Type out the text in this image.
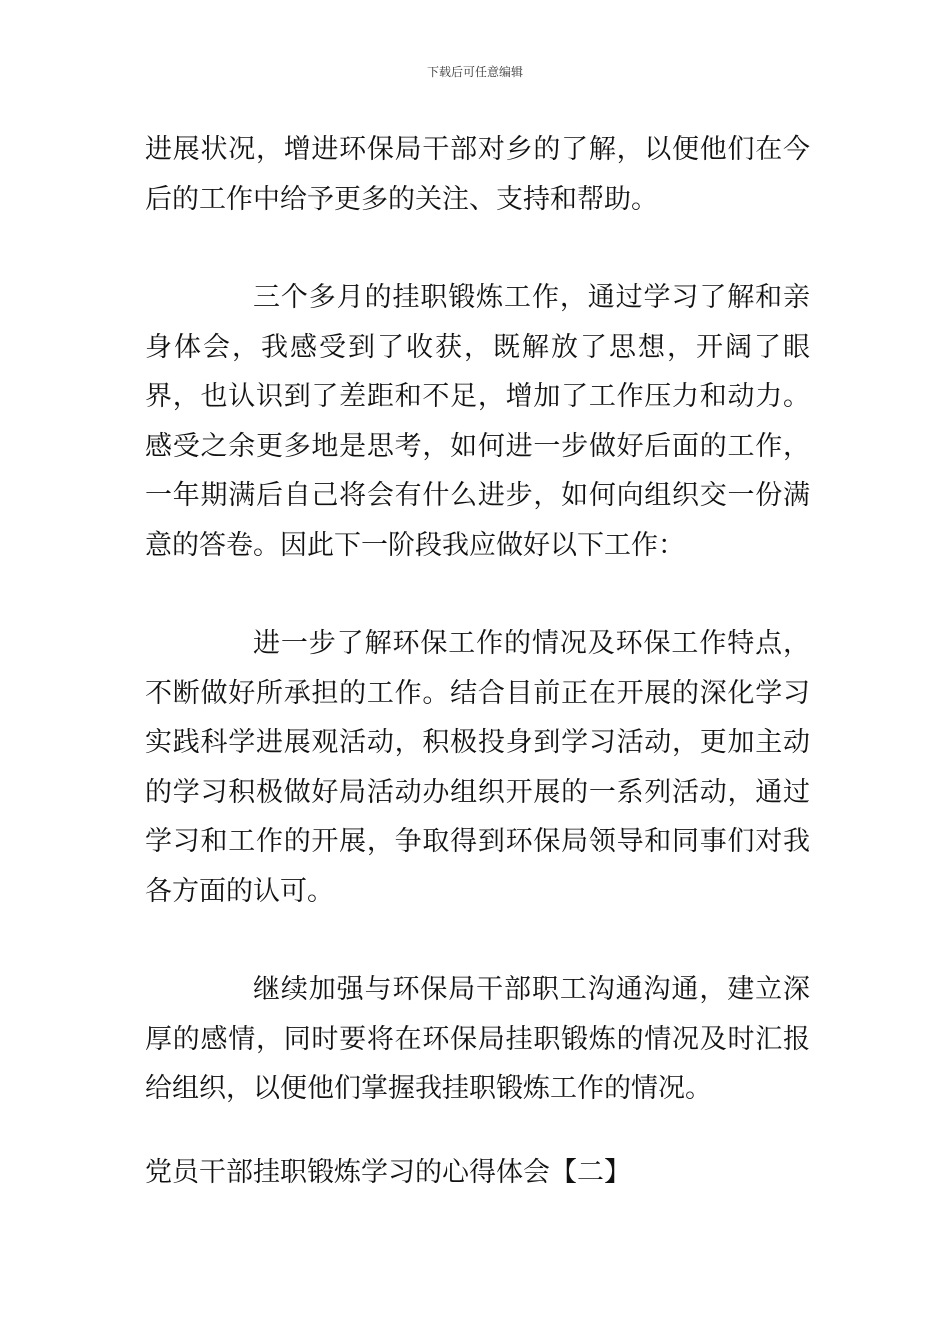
下载后可任意编辑

进展状况，增进环保局干部对乡的了解，以便他们在今后的工作中给予更多的关注、支持和帮助。

三个多月的挂职锻炼工作，通过学习了解和亲身体会，我感受到了收获，既解放了思想，开阔了眼界，也认识到了差距和不足，增加了工作压力和动力。感受之余更多地是思考，如何进一步做好后面的工作，一年期满后自己将会有什么进步，如何向组织交一份满意的答卷。因此下一阶段我应做好以下工作：

进一步了解环保工作的情况及环保工作特点，不断做好所承担的工作。结合目前正在开展的深化学习实践科学进展观活动，积极投身到学习活动，更加主动的学习积极做好局活动办组织开展的一系列活动，通过学习和工作的开展，争取得到环保局领导和同事们对我各方面的认可。

继续加强与环保局干部职工沟通沟通，建立深厚的感情，同时要将在环保局挂职锻炼的情况及时汇报给组织，以便他们掌握我挂职锻炼工作的情况。

党员干部挂职锻炼学习的心得体会【二】
